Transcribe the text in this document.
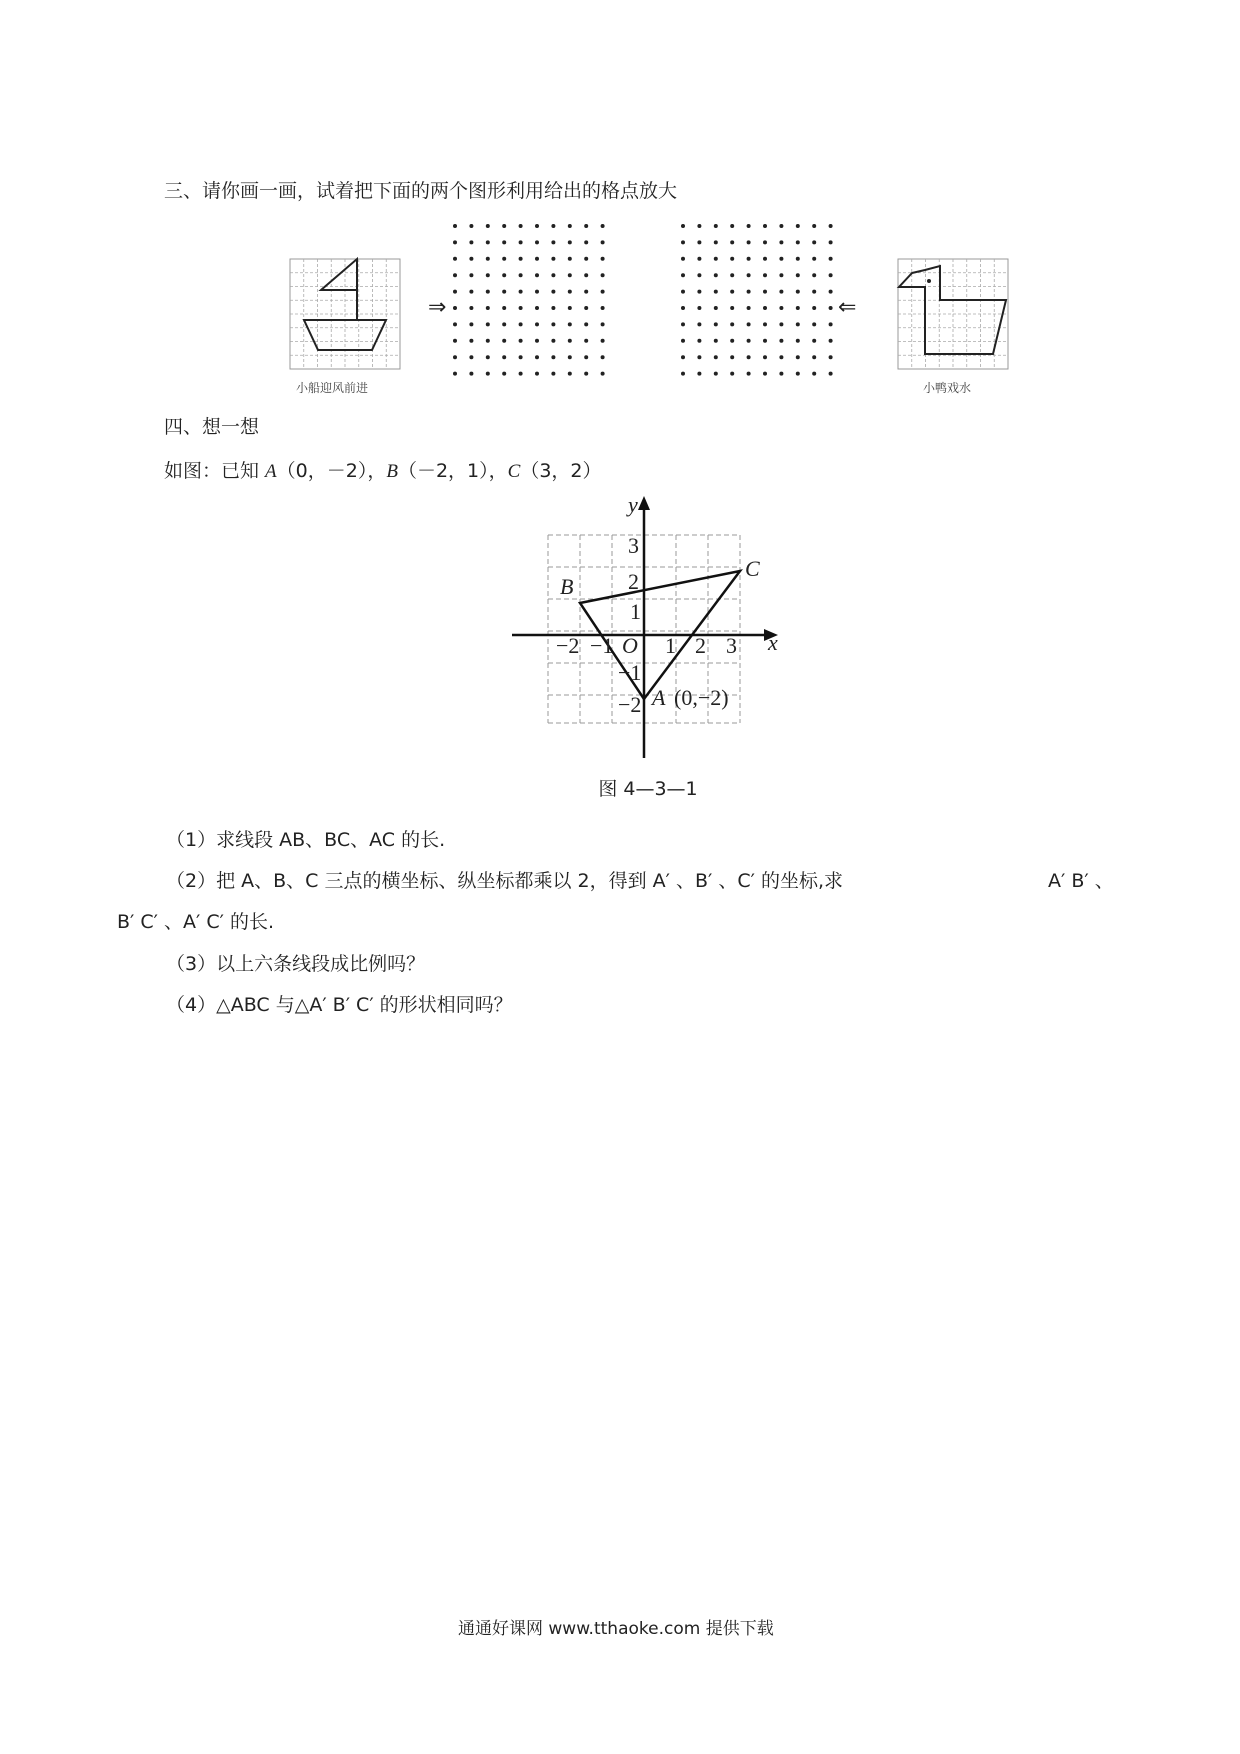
三、请你画一画，试着把下面的两个图形利用给出的格点放大
⇒	⇐
小船迎风前进	小鸭戏水
四、想一想
如图：已知 A（0，－2），B（－2，1），C（3，2）
x
y
O
−2 −1 1 2 3
3
2
1
−1
−2 A (0,−2)
B
C
图 4—3—1
（1）求线段 AB、BC、AC 的长.
（2）把 A、B、C 三点的横坐标、纵坐标都乘以 2，得到 A′ 、B′ 、C′ 的坐标,求	A′ B′ 、
B′ C′ 、A′ C′ 的长.
（3）以上六条线段成比例吗？
（4）△ABC 与△A′ B′ C′ 的形状相同吗？
通通好课网 www.tthaoke.com 提供下载
